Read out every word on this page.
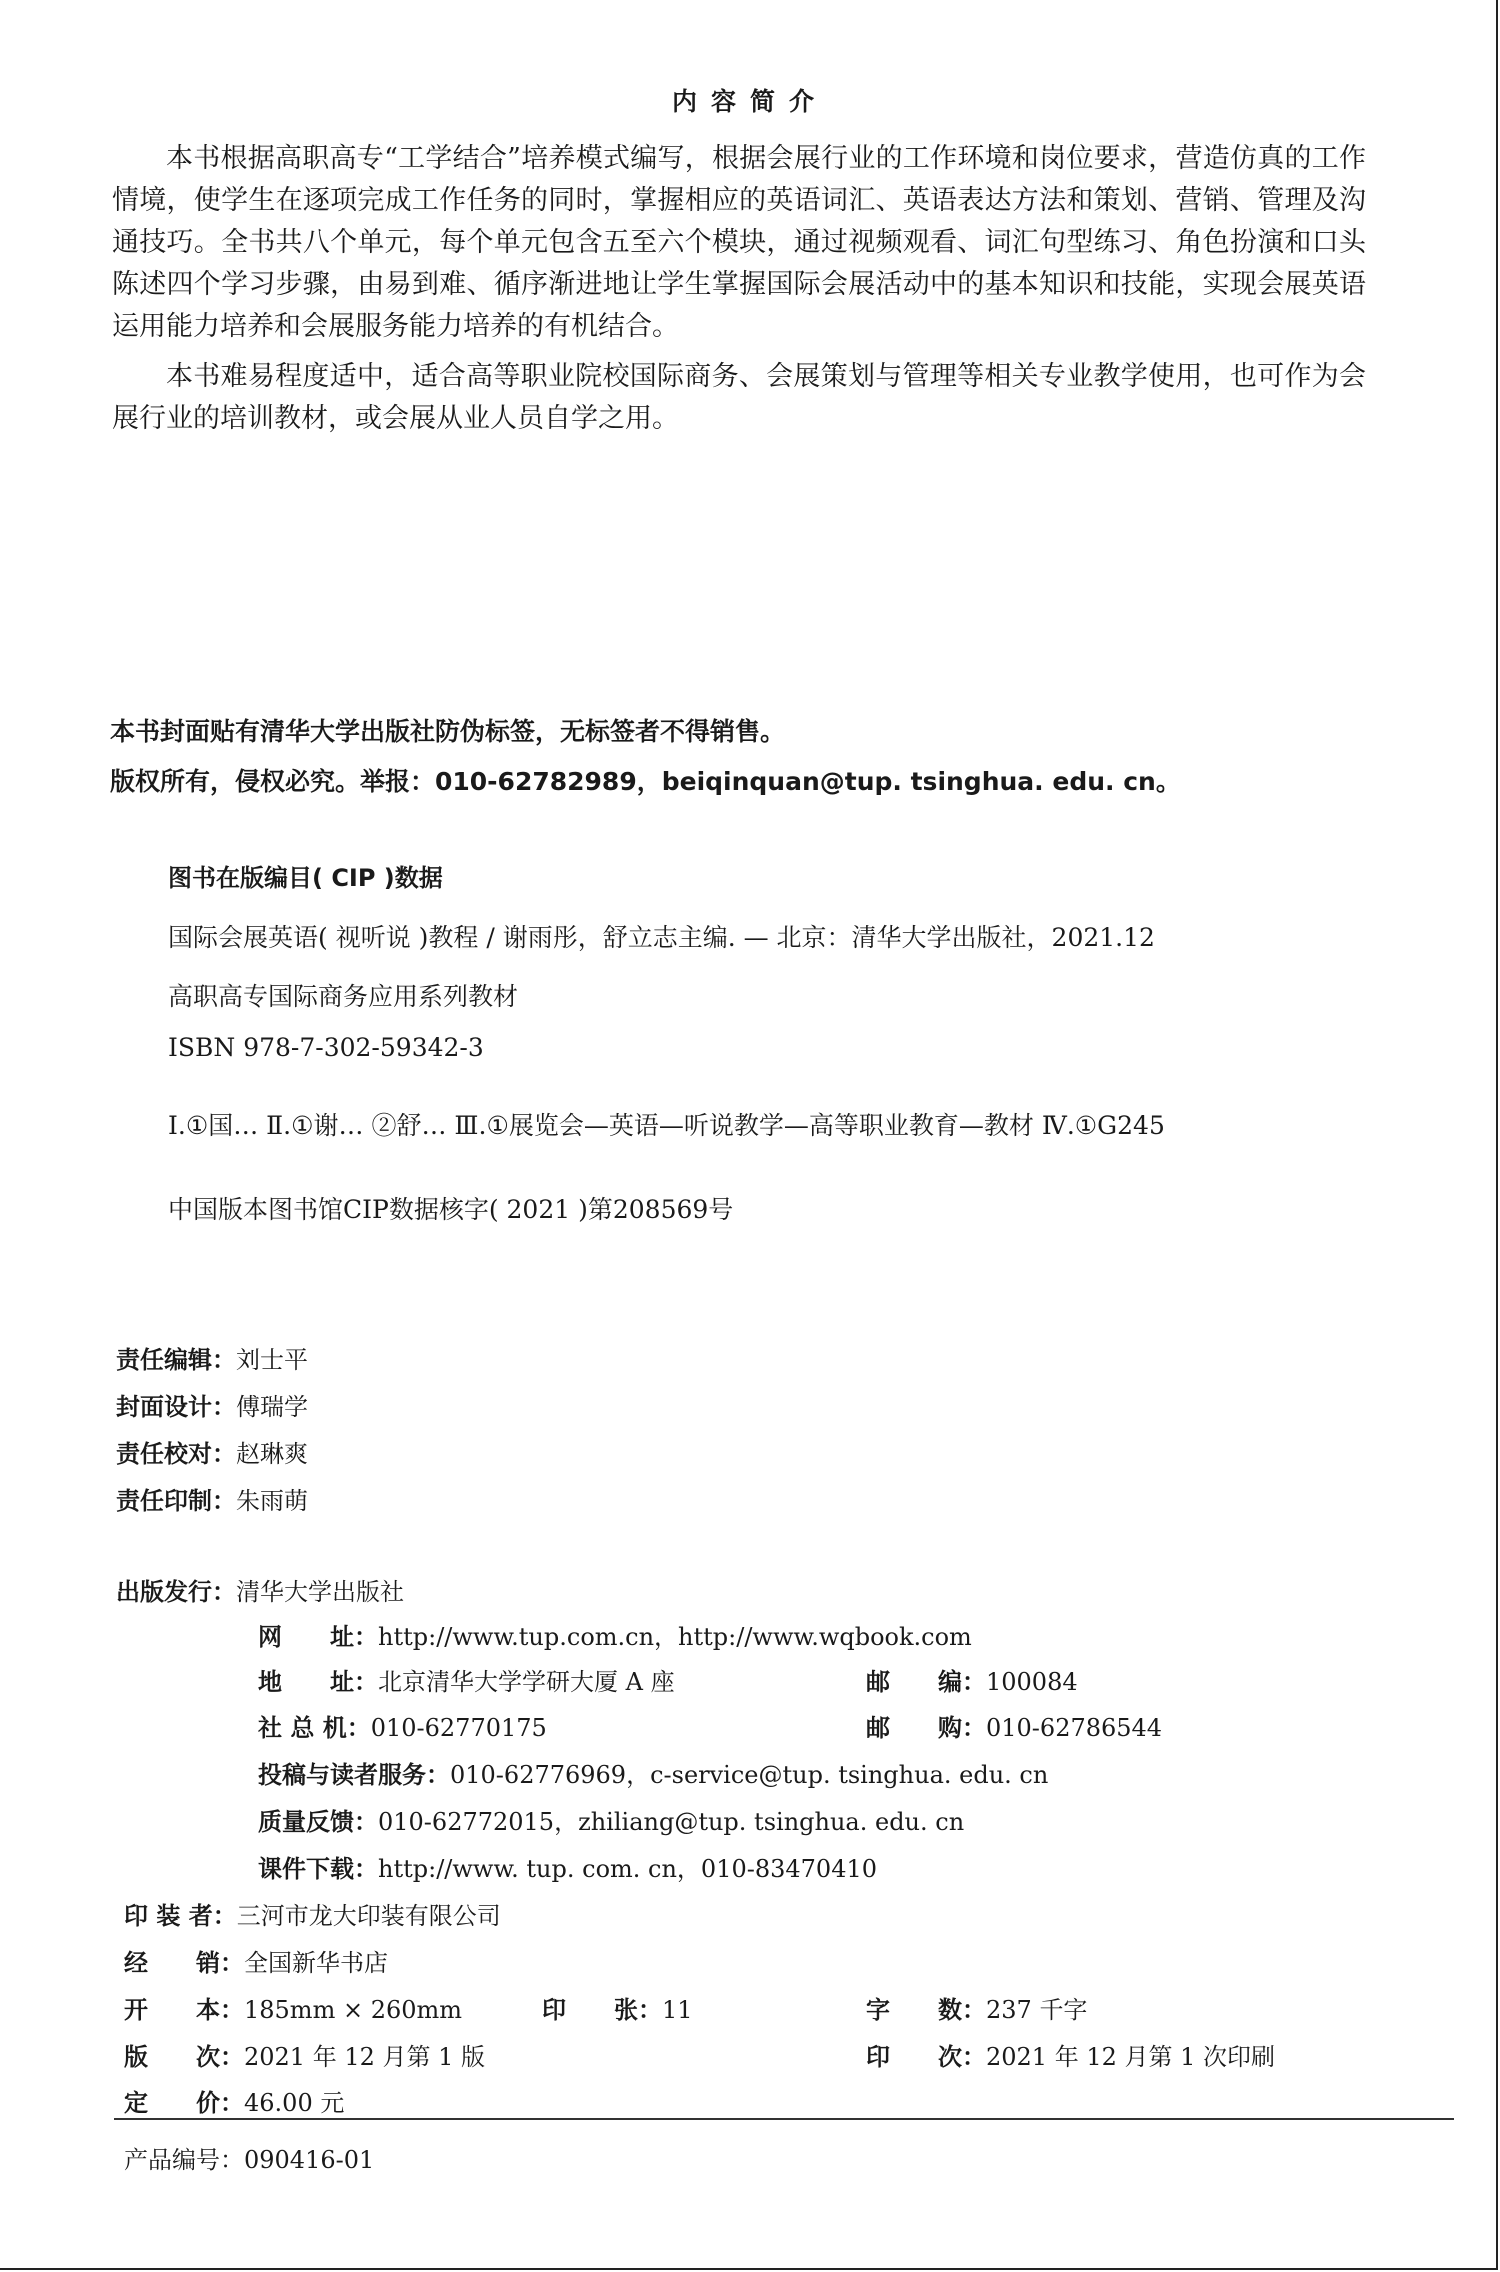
内容简介

本书根据高职高专“工学结合”培养模式编写，根据会展行业的工作环境和岗位要求，营造仿真的工作情境，使学生在逐项完成工作任务的同时，掌握相应的英语词汇、英语表达方法和策划、营销、管理及沟通技巧。全书共八个单元，每个单元包含五至六个模块，通过视频观看、词汇句型练习、角色扮演和口头陈述四个学习步骤，由易到难、循序渐进地让学生掌握国际会展活动中的基本知识和技能，实现会展英语运用能力培养和会展服务能力培养的有机结合。

本书难易程度适中，适合高等职业院校国际商务、会展策划与管理等相关专业教学使用，也可作为会展行业的培训教材，或会展从业人员自学之用。

本书封面贴有清华大学出版社防伪标签，无标签者不得销售。
版权所有，侵权必究。举报：010-62782989，beiqinquan@tup. tsinghua. edu. cn。
图书在版编目( CIP )数据
国际会展英语( 视听说 )教程 / 谢雨彤，舒立志主编. — 北京：清华大学出版社，2021.12
高职高专国际商务应用系列教材
ISBN 978-7-302-59342-3
Ⅰ.①国… Ⅱ.①谢… ②舒… Ⅲ.①展览会—英语—听说教学—高等职业教育—教材 Ⅳ.①G245
中国版本图书馆CIP数据核字( 2021 )第208569号
责任编辑：刘士平
封面设计：傅瑞学
责任校对：赵琳爽
责任印制：朱雨萌
出版发行：清华大学出版社
网　　址：http://www.tup.com.cn，http://www.wqbook.com
地　　址：北京清华大学学研大厦 A 座	邮　　编：100084
社 总 机：010-62770175	邮　　购：010-62786544
投稿与读者服务：010-62776969，c-service@tup. tsinghua. edu. cn
质量反馈：010-62772015，zhiliang@tup. tsinghua. edu. cn
课件下载：http://www. tup. com. cn，010-83470410
印 装 者：三河市龙大印装有限公司
经　　销：全国新华书店
开　　本：185mm × 260mm	印　　张：11	字　　数：237 千字
版　　次：2021 年 12 月第 1 版	印　　次：2021 年 12 月第 1 次印刷
定　　价：46.00 元
产品编号：090416-01
